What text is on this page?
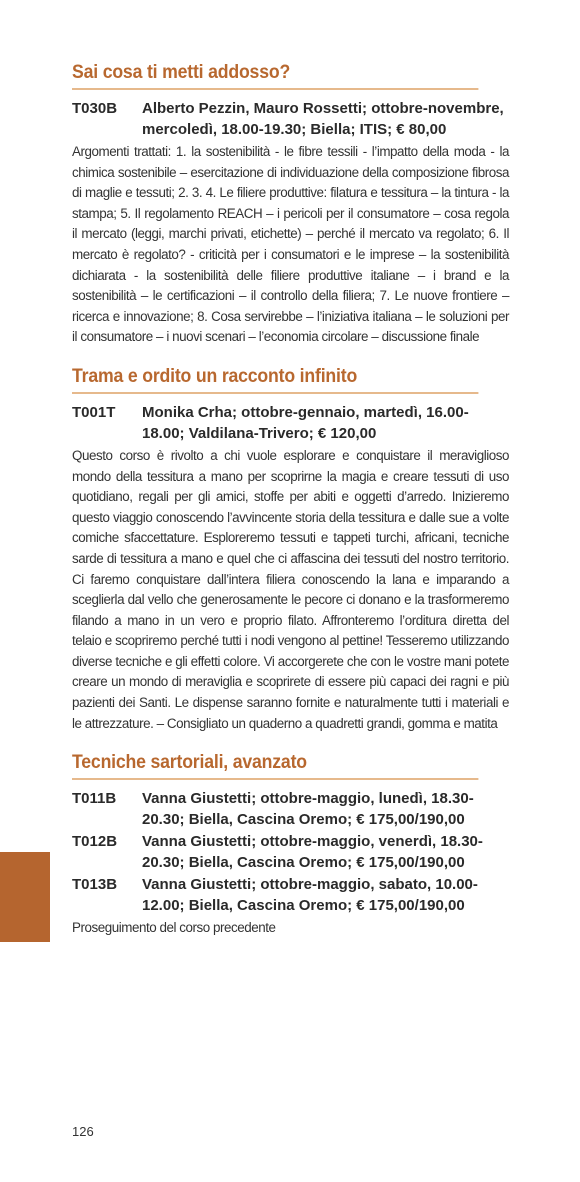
Sai cosa ti metti addosso?
T030B	Alberto Pezzin, Mauro Rossetti; ottobre-novembre, mercoledì, 18.00-19.30; Biella; ITIS; € 80,00
Argomenti trattati: 1. la sostenibilità - le fibre tessili - l’impatto della moda - la chimica sostenibile – esercitazione di individuazione della composizione fibrosa di maglie e tessuti; 2. 3. 4. Le filiere produttive: filatura e tessitura – la tintura - la stampa; 5. Il regolamento REACH – i pericoli per il consumatore – cosa regola il mercato (leggi, marchi privati, etichette) – perché il mercato va regolato; 6. Il mercato è regolato? - criticità per i consumatori e le imprese – la sostenibilità dichiarata - la sostenibilità delle filiere produttive italiane – i brand e la sostenibilità – le certificazioni – il controllo della filiera; 7. Le nuove frontiere – ricerca e innovazione; 8. Cosa servirebbe – l’iniziativa italiana – le soluzioni per il consumatore – i nuovi scenari – l’economia circolare – discussione finale
Trama e ordito un racconto infinito
T001T	Monika Crha; ottobre-gennaio, martedì, 16.00-18.00; Valdilana-Trivero; € 120,00
Questo corso è rivolto a chi vuole esplorare e conquistare il meraviglioso mondo della tessitura a mano per scoprirne la magia e creare tessuti di uso quotidiano, regali per gli amici, stoffe per abiti e oggetti d’arredo. Inizieremo questo viaggio conoscendo l’avvincente storia della tessitura e dalle sue a volte comiche sfaccettature. Esploreremo tessuti e tappeti turchi, africani, tecniche sarde di tessitura a mano e quel che ci affascina dei tessuti del nostro territorio. Ci faremo conquistare dall’intera filiera conoscendo la lana e imparando a sceglierla dal vello che generosamente le pecore ci donano e la trasformeremo filando a mano in un vero e proprio filato. Affronteremo l’orditura diretta del telaio e scopriremo perché tutti i nodi vengono al pettine! Tesseremo utilizzando diverse tecniche e gli effetti colore. Vi accorgerete che con le vostre mani potete creare un mondo di meraviglia e scoprirete di essere più capaci dei ragni e più pazienti dei Santi. Le dispense saranno fornite e naturalmente tutti i materiali e le attrezzature. – Consigliato un quaderno a quadretti grandi, gomma e matita
Tecniche sartoriali, avanzato
T011B	Vanna Giustetti; ottobre-maggio, lunedì, 18.30-20.30; Biella, Cascina Oremo; € 175,00/190,00
T012B	Vanna Giustetti; ottobre-maggio, venerdì, 18.30-20.30; Biella, Cascina Oremo; € 175,00/190,00
T013B	Vanna Giustetti; ottobre-maggio, sabato, 10.00-12.00; Biella, Cascina Oremo; € 175,00/190,00
Proseguimento del corso precedente
126
